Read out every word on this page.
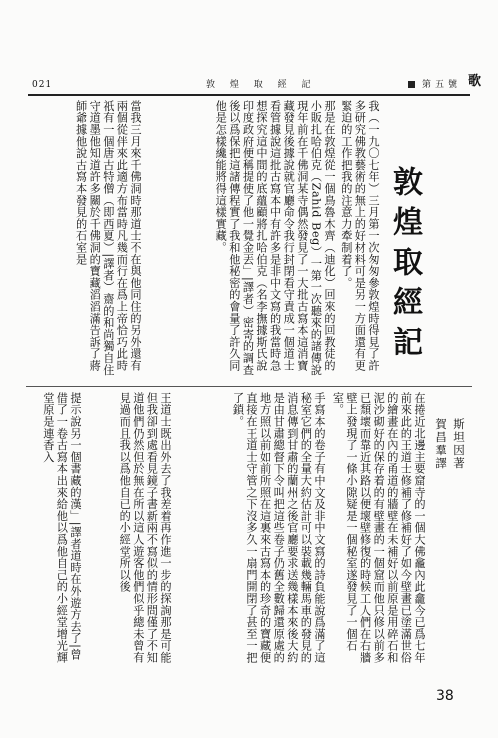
021	敦 煌 取 經 記	第五號 歌
敦煌取經記
我（一九〇七年）三月第一次匆匆參敦煌時得見了許多研究佛教藝術的無上的好材料可是另一方面還有更緊迫的工作把我的注意力牽制着了。
那是在敦煌從一個鳥魯木齊（迪化）回來的回教徒的小販扎哈伯克（Zahid Beg）一第一次聽來的諸傳說現年前在千佛洞某寺偶然發見了一大批古寫本這消寶藏發見後據說就官廳命令我行封閉看守責成一個道士看管據說這批古寫本中有許多是非中文寫的我當時急想探究這中間的底蘊顧將扎哈伯克（名李撫據斯氏說印度政府便稱提使了他一覺金丟」|譯者）密寄的調查後以爲保把這諸傳程實了我和他秘密的會量了許久同他是怎樣纔能將得這樣實藏。
當我三月來千佛洞時那道士不在與他同住的另外還有兩個從伴來此適方布當時凡幾而行在爲上帝恰巧此時祇有一個唐古特僧（即西夏）|譯者）齋的和尚獨自住守道墨他知道許多關於千佛洞的寶藏滔滔滿告訴了蔣師爺據他說古寫本發見的石室是
斯坦因著
賀昌羣譯
在捲近北邊主要窟寺的一個大佛龕內此龕今已爲七年前來此的王道士修補了修補好了如今壁畫已塗滿世俗的繪畫在內的甬道的牆壁在未補好以前原是用碎石和泥沙砌好的保存着的有壁畫的一個窟而他只修以前多已頹壞而靠近其路以便壞壁修復的時候工人們在右牆壁上發現了一條小隙疑是一個秘室遂發見了一個石室。
手寫本的卷子有中文及非中文寫的詩負能說爲滿了這秘室它們的全量大約估計可以裝載幾輛馬車的發見的消息傳到甘肅的蘭州之後官廳要求送幾樣本來後大約是由甘肅總督下令叫把這些卷子仍舊全數歸還原處的地方照以前如前所照在這裏來古寫本的珍奇的寶藏便直接在王道士守管之下沒多久一扇門開閉了甚至一把了鎖。
王道士既出外去了我差着再作進一步的探詢那是可能但我卻到處看見鏡子書新兩不寫似的情形問僅了不知道他們仍然但於無在所以這人遊客他們似乎總未曾有見過而且我以爲他自已的小經堂所以後
提示說另一個書藏的漢」|譯者道時在外遊方去了|曾借了一卷古寫本出來給他以爲他自己的小經堂增光輝堂原是連香入
38
